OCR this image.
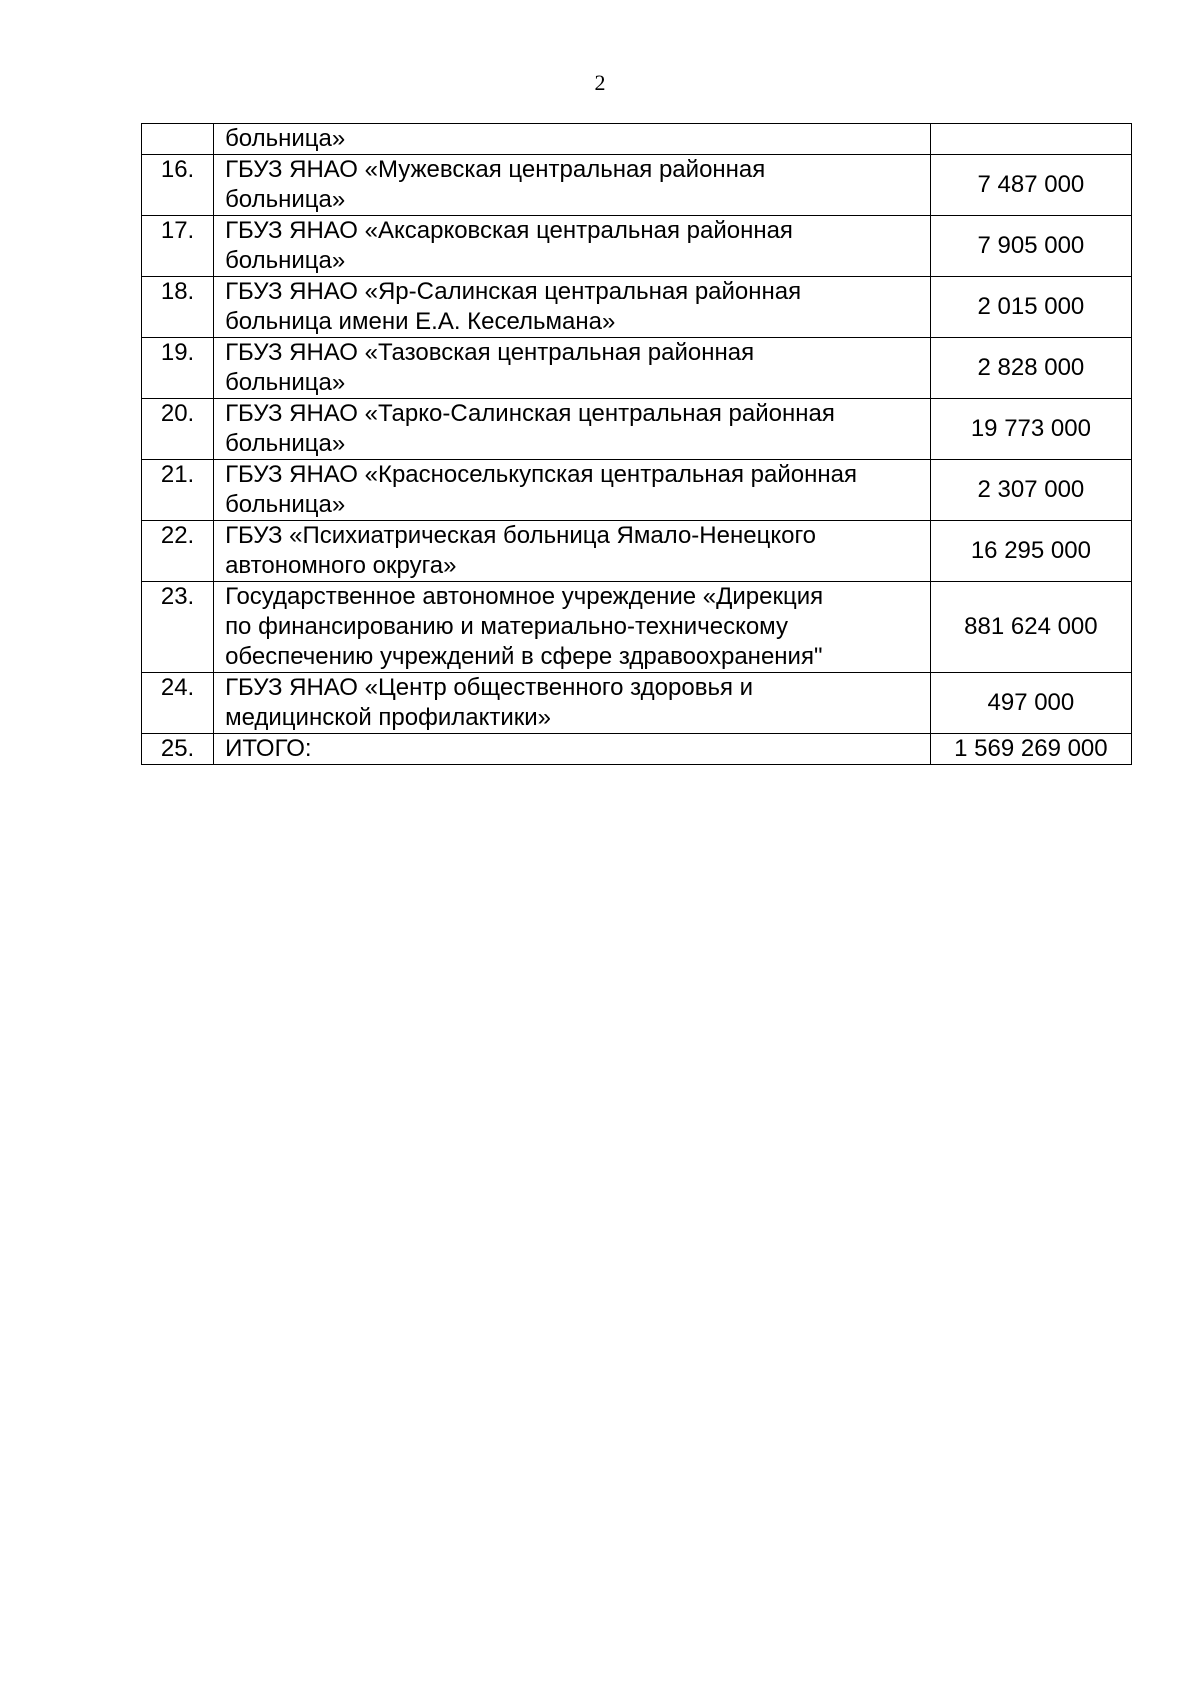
2

	больница»	

16.	ГБУЗ ЯНАО «Мужевская центральная районная
больница»	7 487 000
17.	ГБУЗ ЯНАО «Аксарковская центральная районная
больница»	7 905 000
18.	ГБУЗ ЯНАО «Яр-Салинская центральная районная
больница имени Е.А. Кесельмана»	2 015 000
19.	ГБУЗ ЯНАО «Тазовская центральная районная
больница»	2 828 000
20.	ГБУЗ ЯНАО «Тарко-Салинская центральная районная
больница»	19 773 000
21.	ГБУЗ ЯНАО «Красноселькупская центральная районная
больница»	2 307 000
22.	ГБУЗ «Психиатрическая больница Ямало-Ненецкого
автономного округа»	16 295 000
23.	Государственное автономное учреждение «Дирекция
по финансированию и материально-техническому
обеспечению учреждений в сфере здравоохранения"	881 624 000
24.	ГБУЗ ЯНАО «Центр общественного здоровья и
медицинской профилактики»	497 000
25.	ИТОГО:	1 569 269 000
